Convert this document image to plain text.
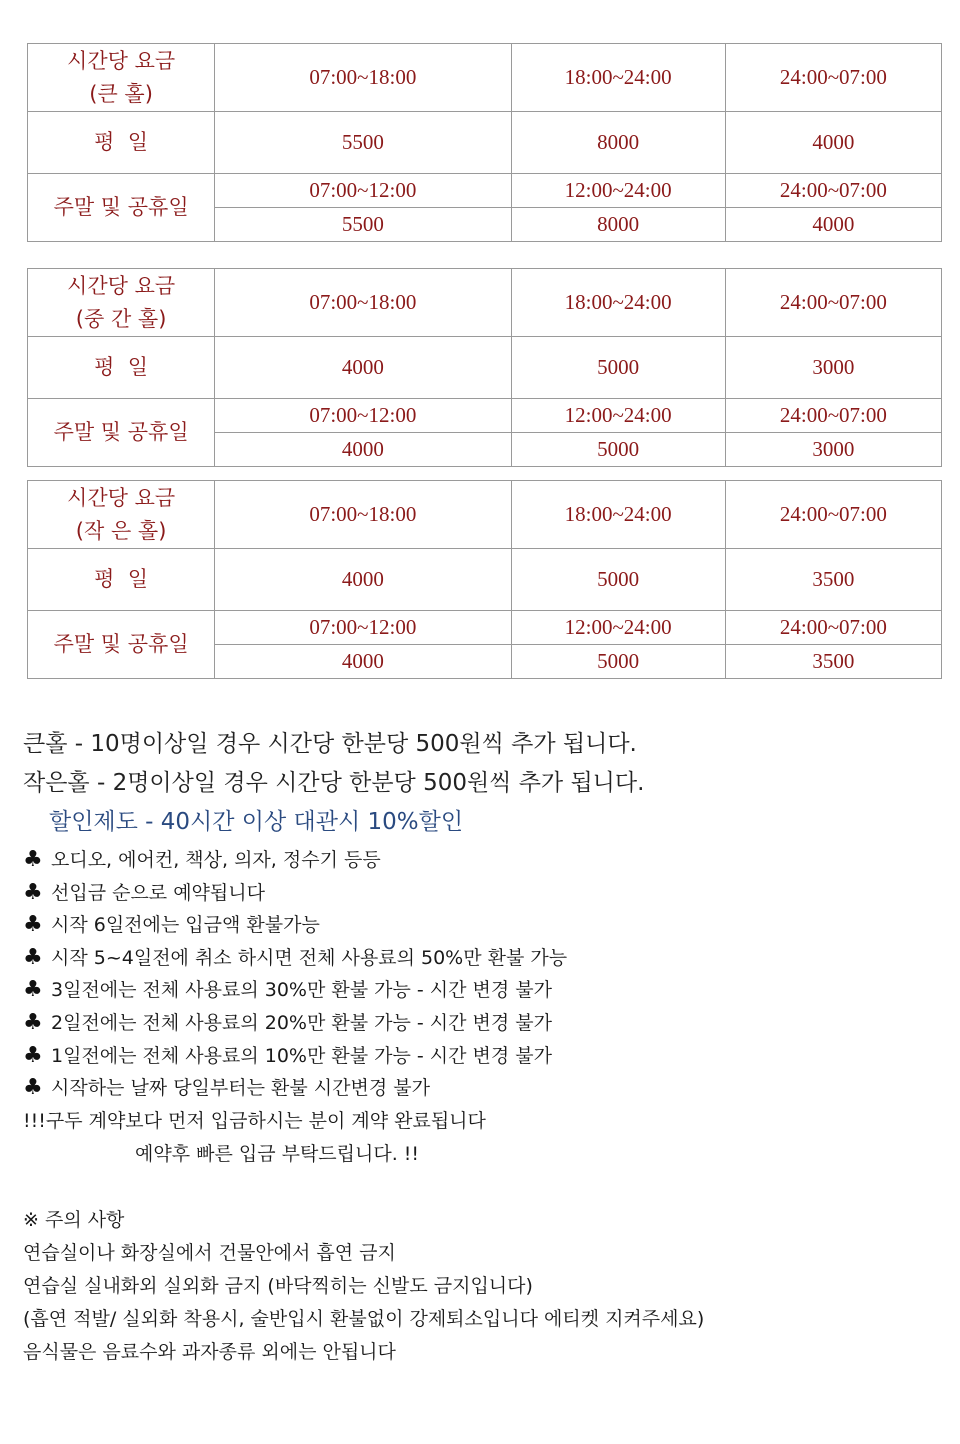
시간당 요금
(큰 홀)	07:00~18:00	18:00~24:00	24:00~07:00
평  일	5500	8000	4000
주말 및 공휴일	07:00~12:00	12:00~24:00	24:00~07:00
	5500	8000	4000
시간당 요금
(중 간 홀)	07:00~18:00	18:00~24:00	24:00~07:00
평  일	4000	5000	3000
주말 및 공휴일	07:00~12:00	12:00~24:00	24:00~07:00
	4000	5000	3000
시간당 요금
(작 은 홀)	07:00~18:00	18:00~24:00	24:00~07:00
평  일	4000	5000	3500
주말 및 공휴일	07:00~12:00	12:00~24:00	24:00~07:00
	4000	5000	3500

큰홀 - 10명이상일 경우 시간당 한분당 500원씩 추가 됩니다.

작은홀 - 2명이상일 경우 시간당 한분당 500원씩 추가 됩니다.

할인제도 - 40시간 이상 대관시 10%할인

♣ 오디오, 에어컨, 책상, 의자, 정수기 등등
♣ 선입금 순으로 예약됩니다
♣ 시작 6일전에는 입금액 환불가능
♣ 시작 5~4일전에 취소 하시면 전체 사용료의 50%만 환불 가능
♣ 3일전에는 전체 사용료의 30%만 환불 가능 - 시간 변경 불가
♣ 2일전에는 전체 사용료의 20%만 환불 가능 - 시간 변경 불가
♣ 1일전에는 전체 사용료의 10%만 환불 가능 - 시간 변경 불가
♣ 시작하는 날짜 당일부터는 환불 시간변경 불가

!!!구두 계약보다 먼저 입금하시는 분이 계약 완료됩니다

예약후 빠른 입금 부탁드립니다. !!

※ 주의 사항

연습실이나 화장실에서 건물안에서 흡연 금지

연습실 실내화외 실외화 금지 (바닥찍히는 신발도 금지입니다)

(흡연 적발/ 실외화 착용시, 술반입시 환불없이 강제퇴소입니다 에티켓 지켜주세요)

음식물은 음료수와 과자종류 외에는 안됩니다
